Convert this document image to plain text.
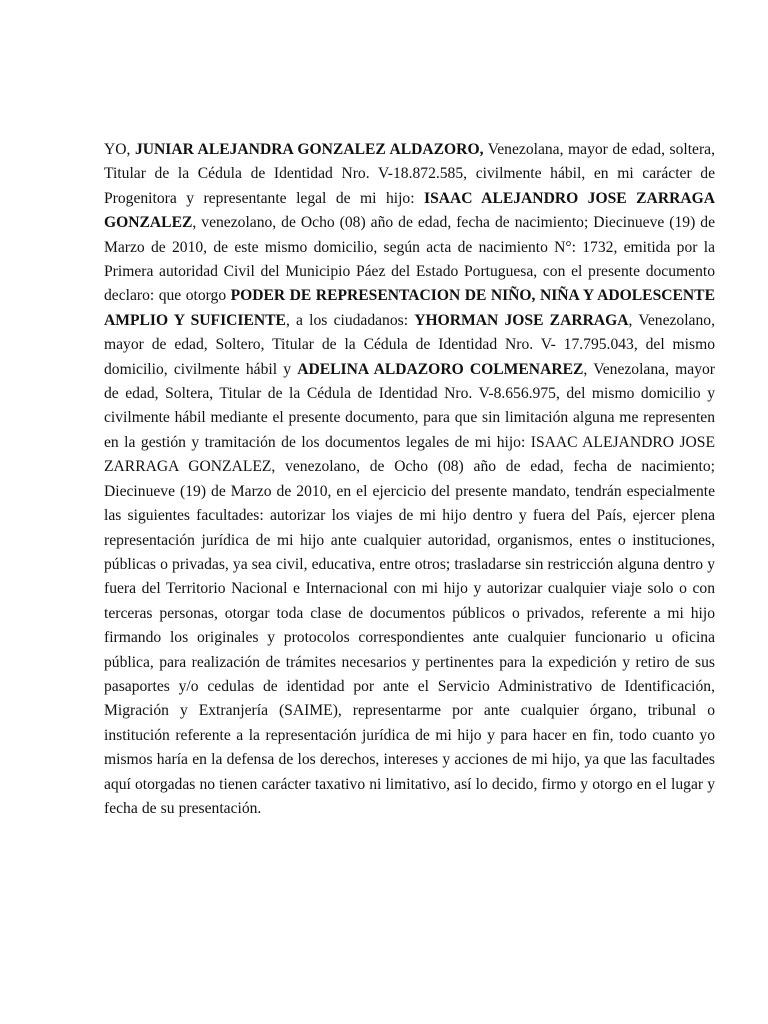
YO, JUNIAR ALEJANDRA GONZALEZ ALDAZORO, Venezolana, mayor de edad, soltera, Titular de la Cédula de Identidad Nro. V-18.872.585, civilmente hábil, en mi carácter de Progenitora y representante legal de mi hijo: ISAAC ALEJANDRO JOSE ZARRAGA GONZALEZ, venezolano, de Ocho (08) año de edad, fecha de nacimiento; Diecinueve (19) de Marzo de 2010, de este mismo domicilio, según acta de nacimiento N°: 1732, emitida por la Primera autoridad Civil del Municipio Páez del Estado Portuguesa, con el presente documento declaro: que otorgo PODER DE REPRESENTACION DE NIÑO, NIÑA Y ADOLESCENTE AMPLIO Y SUFICIENTE, a los ciudadanos: YHORMAN JOSE ZARRAGA, Venezolano, mayor de edad, Soltero, Titular de la Cédula de Identidad Nro. V- 17.795.043, del mismo domicilio, civilmente hábil y ADELINA ALDAZORO COLMENAREZ, Venezolana, mayor de edad, Soltera, Titular de la Cédula de Identidad Nro. V-8.656.975, del mismo domicilio y civilmente hábil mediante el presente documento, para que sin limitación alguna me representen en la gestión y tramitación de los documentos legales de mi hijo: ISAAC ALEJANDRO JOSE ZARRAGA GONZALEZ, venezolano, de Ocho (08) año de edad, fecha de nacimiento; Diecinueve (19) de Marzo de 2010, en el ejercicio del presente mandato, tendrán especialmente las siguientes facultades: autorizar los viajes de mi hijo dentro y fuera del País, ejercer plena representación jurídica de mi hijo ante cualquier autoridad, organismos, entes o instituciones, públicas o privadas, ya sea civil, educativa, entre otros; trasladarse sin restricción alguna dentro y fuera del Territorio Nacional e Internacional con mi hijo y autorizar cualquier viaje solo o con terceras personas, otorgar toda clase de documentos públicos o privados, referente a mi hijo firmando los originales y protocolos correspondientes ante cualquier funcionario u oficina pública, para realización de trámites necesarios y pertinentes para la expedición y retiro de sus pasaportes y/o cedulas de identidad por ante el Servicio Administrativo de Identificación, Migración y Extranjería (SAIME), representarme por ante cualquier órgano, tribunal o institución referente a la representación jurídica de mi hijo y para hacer en fin, todo cuanto yo mismos haría en la defensa de los derechos, intereses y acciones de mi hijo, ya que las facultades aquí otorgadas no tienen carácter taxativo ni limitativo, así lo decido, firmo y otorgo en el lugar y fecha de su presentación.
